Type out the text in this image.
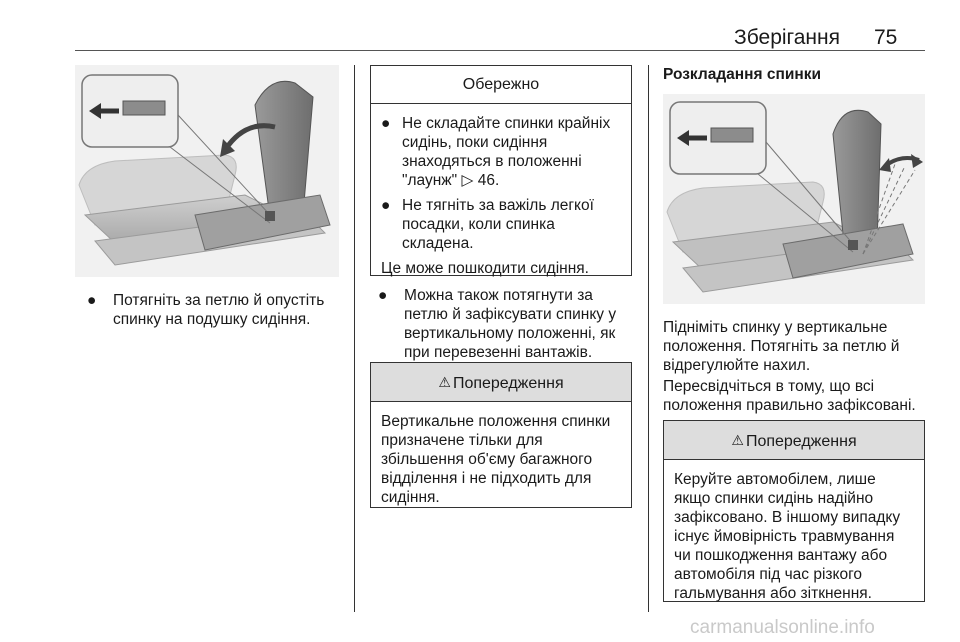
Зберігання 75
● Потягніть за петлю й опустіть спинку на подушку сидіння.
Обережно
● Не складайте спинки крайніх сидінь, поки сидіння знаходяться в положенні "лаунж" ▷ 46.
● Не тягніть за важіль легкої посадки, коли спинка складена.

Це може пошкодити сидіння.

● Можна також потягнути за петлю й зафіксувати спинку у вертикальному положенні, як при перевезенні вантажів.
⚠ Попередження

Вертикальне положення спинки призначене тільки для збільшення об'єму багажного відділення і не підходить для сидіння.

Розкладання спинки
Підніміть спинку у вертикальне положення. Потягніть за петлю й відрегулюйте нахил.
Пересвідчіться в тому, що всі положення правильно зафіксовані.
⚠ Попередження

Керуйте автомобілем, лише якщо спинки сидінь надійно зафіксовано. В іншому випадку існує ймовірність травмування чи пошкодження вантажу або автомобіля під час різкого гальмування або зіткнення.

carmanualsonline.info
